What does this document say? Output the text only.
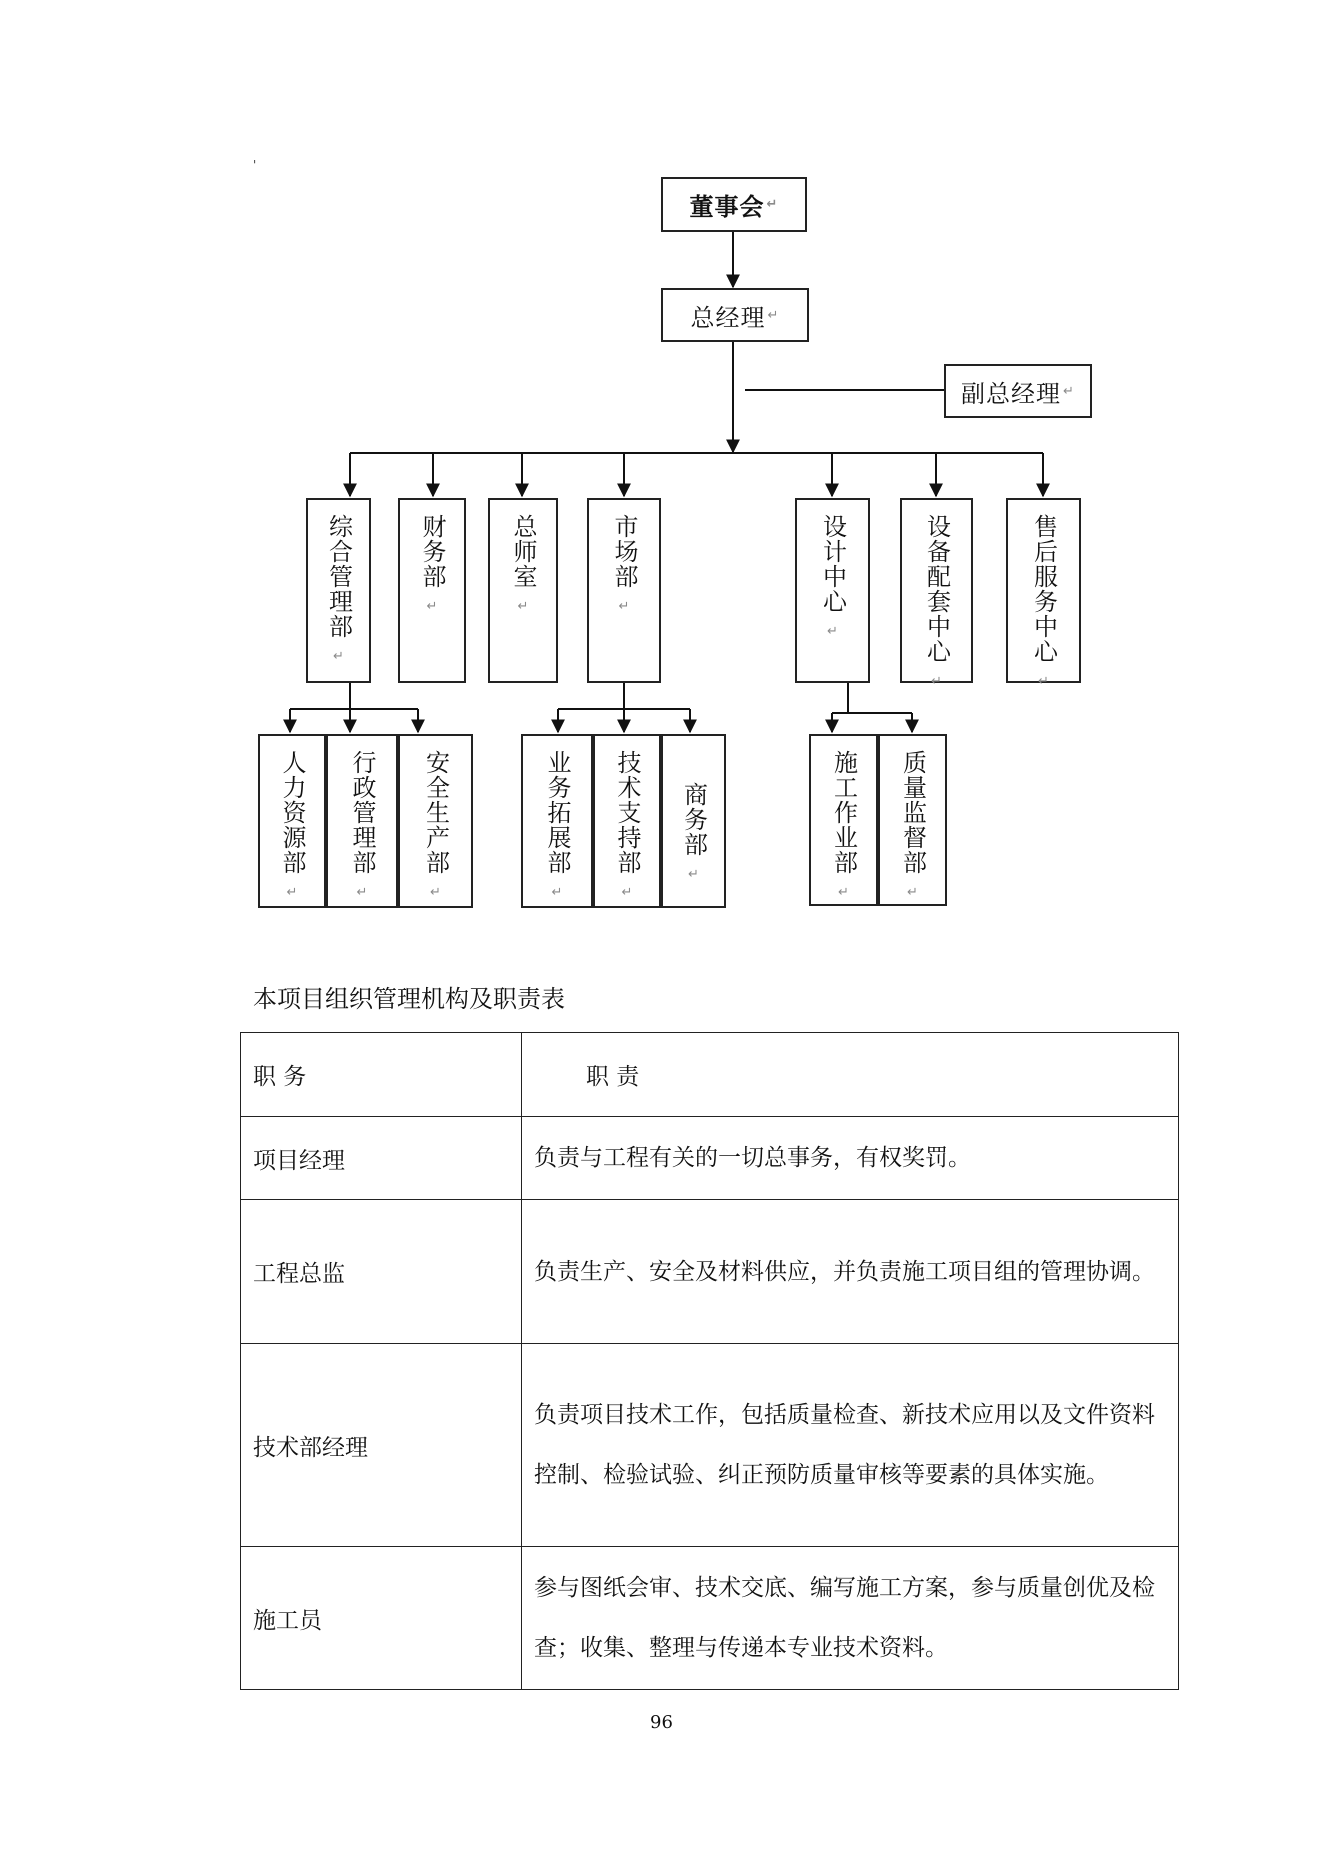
'
董事会 ↵
总经理 ↵
副总经理 ↵
综合管理部
↵
财务部
↵
总师室
↵
市场部
↵	设计中心
↵	设备配套中心
↵
售后服务中心
↵
人力资源部
↵
行政管理部
↵
安全生产部
↵
业务拓展部
↵
技术支持部
↵
商务部
↵	施工作业部
↵
质量监督部
↵
本项目组织管理机构及职责表
职 务	职 责
项目经理	负责与工程有关的一切总事务，有权奖罚。
工程总监	负责生产、安全及材料供应，并负责施工项目组的管理协调。
技术部经理	负责项目技术工作，包括质量检查、新技术应用以及文件资料控制、检验试验、纠正预防质量审核等要素的具体实施。
施工员	参与图纸会审、技术交底、编写施工方案，参与质量创优及检查；收集、整理与传递本专业技术资料。
96
